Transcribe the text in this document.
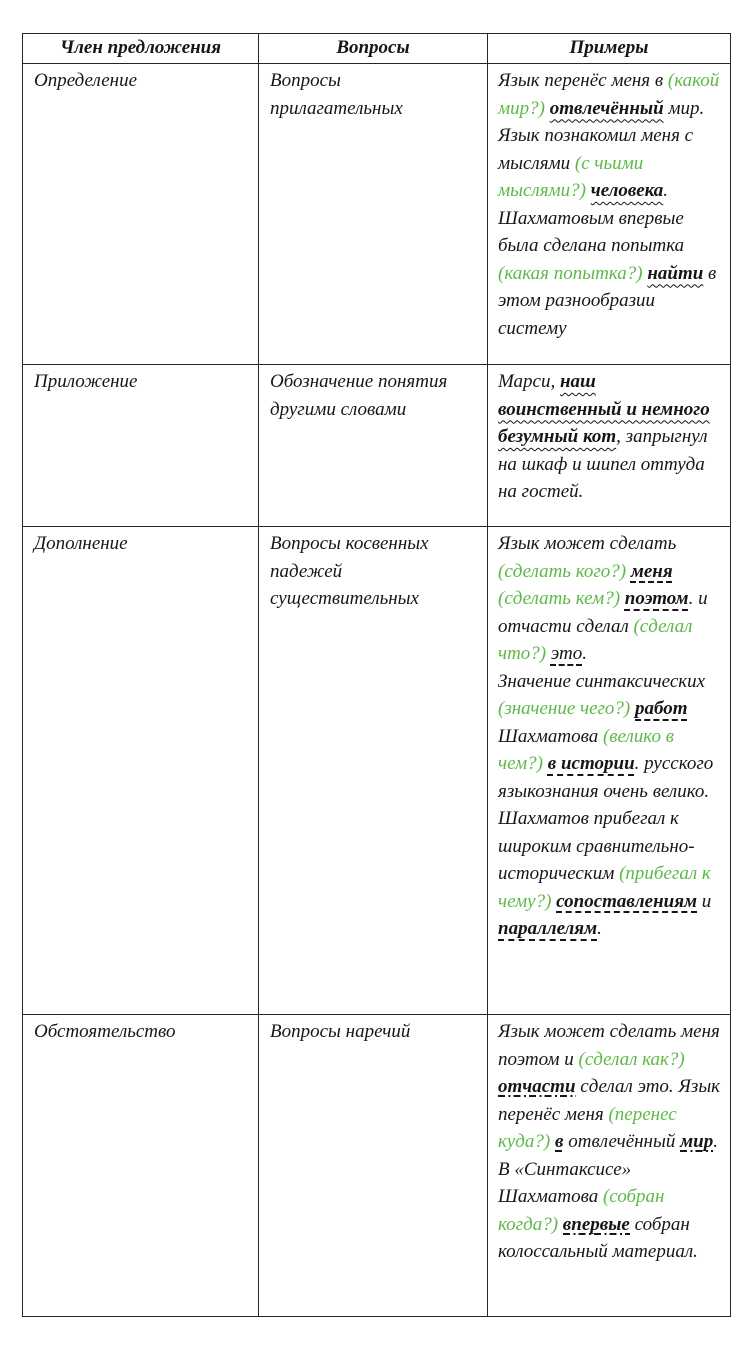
Член предложения	Вопросы	Примеры
Определение	Вопросы прилагательных	Язык перенёс меня в (какой мир?) отвлечённый мир.

Язык познакомил меня с мыслями (с чьими мыслями?) человека.

Шахматовым впервые была сделана попытка (какая попытка?) найти в этом разнообразии систему

Приложение	Обозначение понятия другими словами	Марси, наш воинственный и немного безумный кот, запрыгнул на шкаф и шипел оттуда на гостей.

Дополнение	Вопросы косвенных падежей существительных	Язык может сделать (сделать кого?) меня (сделать кем?) поэтом. и отчасти сделал (сделал что?) это.

Значение синтаксических (значение чего?) работ Шахматова (велико в чем?) в истории. русского языкознания очень велико.

Шахматов прибегал к широким сравнительно-историческим (прибегал к чему?) сопоставлениям и параллелям.

Обстоятельство	Вопросы наречий	Язык может сделать меня поэтом и (сделал как?) отчасти сделал это. Язык перенёс меня (перенес куда?) в отвлечённый мир.

В «Синтаксисе» Шахматова (собран когда?) впервые собран колоссальный материал.
